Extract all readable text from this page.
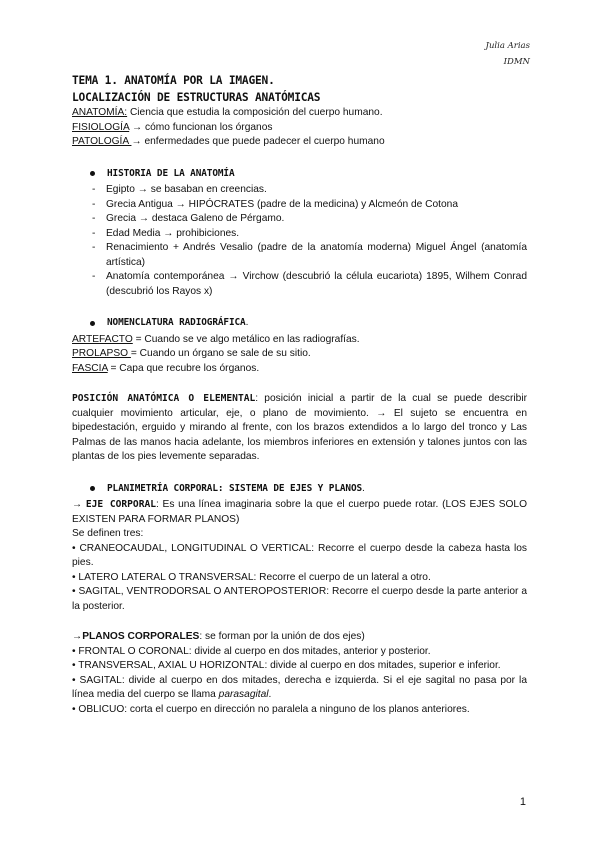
Julia Arias
IDMN
TEMA 1. ANATOMÍA POR LA IMAGEN.
LOCALIZACIÓN DE ESTRUCTURAS ANATÓMICAS
ANATOMÍA: Ciencia que estudia la composición del cuerpo humano.
FISIOLOGÍA → cómo funcionan los órganos
PATOLOGÍA → enfermedades que puede padecer el cuerpo humano
HISTORIA DE LA ANATOMÍA
- Egipto → se basaban en creencias.
- Grecia Antigua → HIPÓCRATES (padre de la medicina) y Alcmeón de Cotona
- Grecia → destaca Galeno de Pérgamo.
- Edad Media → prohibiciones.
- Renacimiento + Andrés Vesalio (padre de la anatomía moderna) Miguel Ángel (anatomía artística)
- Anatomía contemporánea → Virchow (descubrió la célula eucariota) 1895, Wilhem Conrad (descubrió los Rayos x)
NOMENCLATURA RADIOGRÁFICA .
ARTEFACTO = Cuando se ve algo metálico en las radiografías.
PROLAPSO = Cuando un órgano se sale de su sitio.
FASCIA = Capa que recubre los órganos.
POSICIÓN ANATÓMICA O ELEMENTAL: posición inicial a partir de la cual se puede describir cualquier movimiento articular, eje, o plano de movimiento. → El sujeto se encuentra en bipedestación, erguido y mirando al frente, con los brazos extendidos a lo largo del tronco y Las Palmas de las manos hacia adelante, los miembros inferiores en extensión y talones juntos con las plantas de los pies levemente separadas.
PLANIMETRÍA CORPORAL: SISTEMA DE EJES Y PLANOS .
→ EJE CORPORAL: Es una línea imaginaria sobre la que el cuerpo puede rotar. (LOS EJES SOLO EXISTEN PARA FORMAR PLANOS)
Se definen tres:
• CRANEOCAUDAL, LONGITUDINAL O VERTICAL: Recorre el cuerpo desde la cabeza hasta los pies.
• LATERO LATERAL O TRANSVERSAL: Recorre el cuerpo de un lateral a otro.
• SAGITAL, VENTRODORSAL O ANTEROPOSTERIOR: Recorre el cuerpo desde la parte anterior a la posterior.
→PLANOS CORPORALES: se forman por la unión de dos ejes)
• FRONTAL O CORONAL: divide al cuerpo en dos mitades, anterior y posterior.
• TRANSVERSAL, AXIAL U HORIZONTAL: divide al cuerpo en dos mitades, superior e inferior.
• SAGITAL: divide al cuerpo en dos mitades, derecha e izquierda. Si el eje sagital no pasa por la línea media del cuerpo se llama parasagital.
• OBLICUO: corta el cuerpo en dirección no paralela a ninguno de los planos anteriores.
1
